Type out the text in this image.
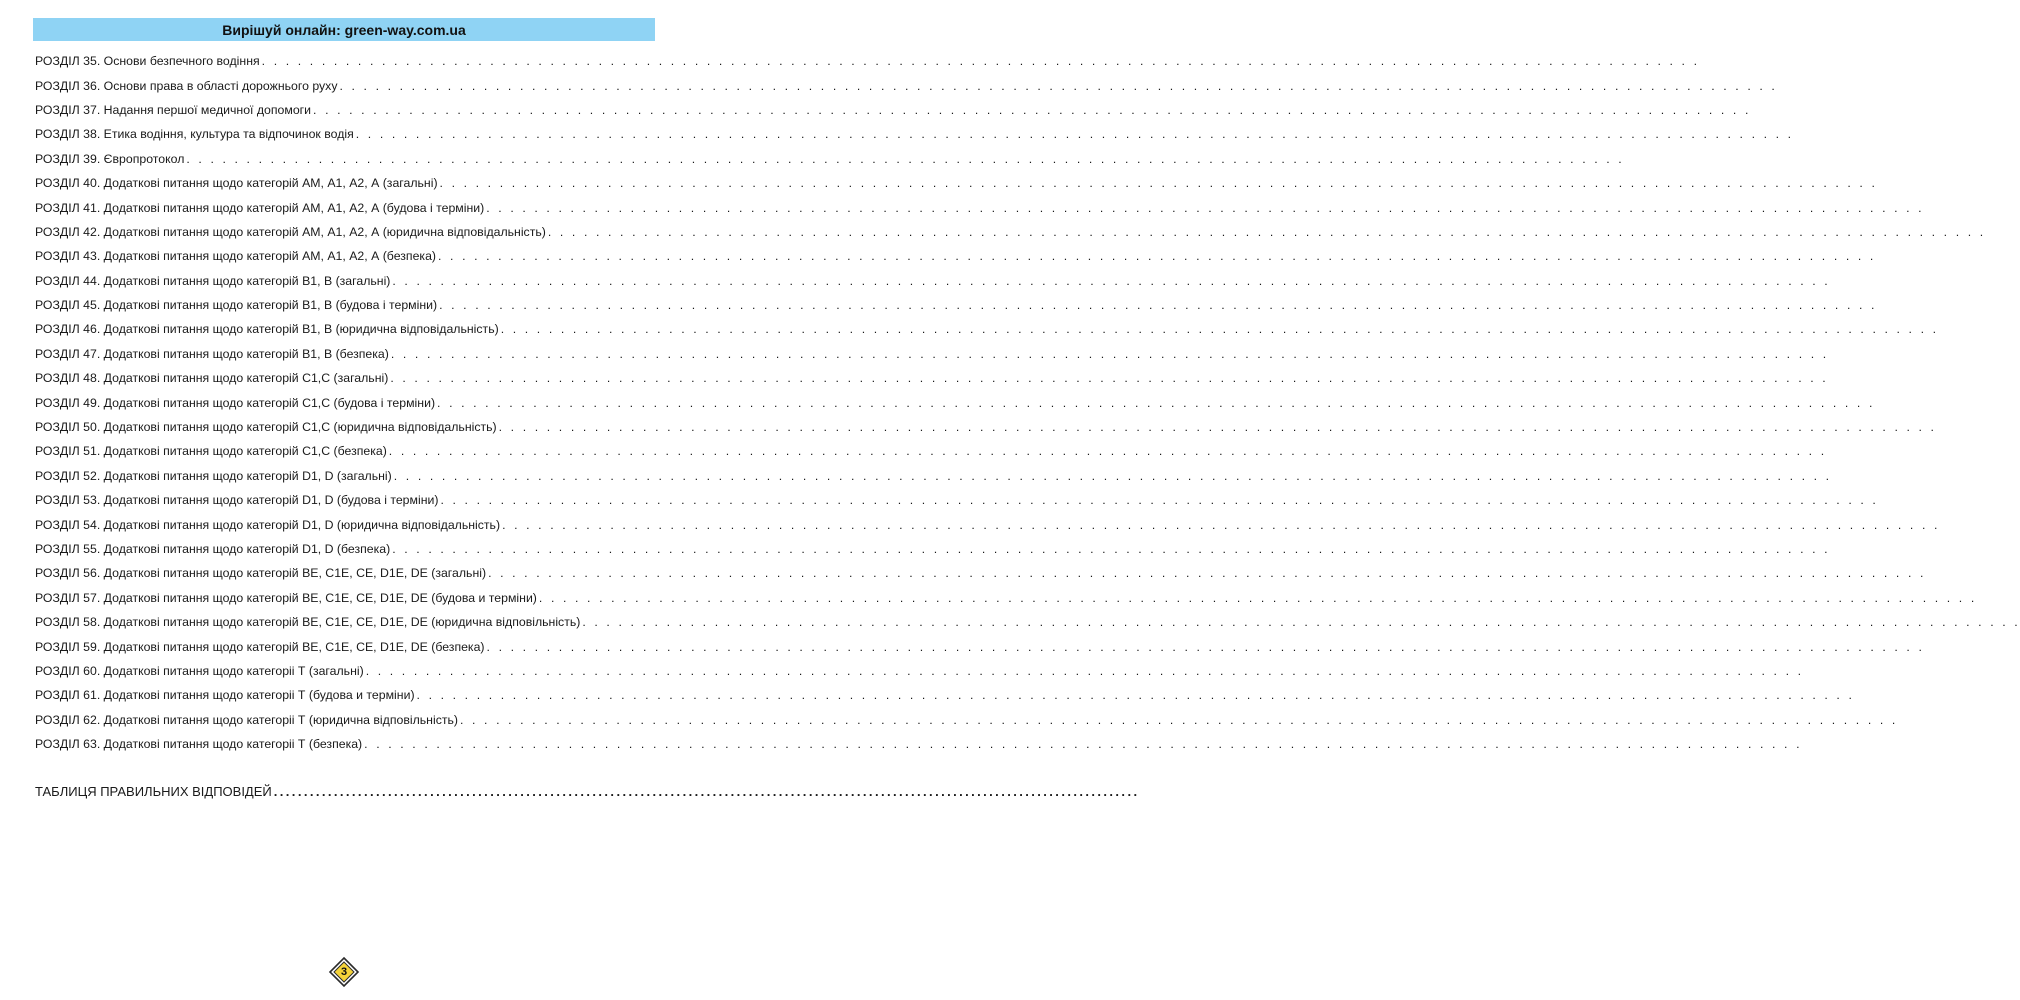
Вирішуй онлайн: green-way.com.ua
РОЗДІЛ 35. Основи безпечного водіння . . . . . . . . . . . . . . . . . . . . . . . . . . . . . . . . . . . . . . . . . . . . . . . . . . . . . . . . . . . . . . . . . . . . . . . . . . . . . . . . . . . . . . . . . . . . . . . . . . . . . . . . . . . . . . . . . . . . . . . .
РОЗДІЛ 36. Основи права в області дорожнього руху . . . . . . . . . . . . . . . . . . . . . . . . . . . . . . . . . . . . . . . . . . . . . . . . . . . . . . . . . . . . . . . . . . . . . . . . . . . . . . . . . . . . . . . . . . . . . . . . . . . . . . . . . . . . . . . . . . . . . . . .
РОЗДІЛ 37. Надання першої медичної допомоги . . . . . . . . . . . . . . . . . . . . . . . . . . . . . . . . . . . . . . . . . . . . . . . . . . . . . . . . . . . . . . . . . . . . . . . . . . . . . . . . . . . . . . . . . . . . . . . . . . . . . . . . . . . . . . . . . . . . . . . .
РОЗДІЛ 38. Етика водіння, культура та відпочинок водія . . . . . . . . . . . . . . . . . . . . . . . . . . . . . . . . . . . . . . . . . . . . . . . . . . . . . . . . . . . . . . . . . . . . . . . . . . . . . . . . . . . . . . . . . . . . . . . . . . . . . . . . . . . . . . . . . . . . . . . .
РОЗДІЛ 39. Європротокол . . . . . . . . . . . . . . . . . . . . . . . . . . . . . . . . . . . . . . . . . . . . . . . . . . . . . . . . . . . . . . . . . . . . . . . . . . . . . . . . . . . . . . . . . . . . . . . . . . . . . . . . . . . . . . . . . . . . . . . .
РОЗДІЛ 40. Додаткові питання щодо категорій АМ, А1, А2, А (загальні) . . . . . . . . . . . . . . . . . . . . . . . . . . . . . . . . . . . . . . . . . . . . . . . . . . . . . . . . . . . . . . . . . . . . . . . . . . . . . . . . . . . . . . . . . . . . . . . . . . . . . . . . . . . . . . . . . . . . . . . .
РОЗДІЛ 41. Додаткові питання щодо категорій АМ, А1, А2, А (будова і терміни) . . . . . . . . . . . . . . . . . . . . . . . . . . . . . . . . . . . . . . . . . . . . . . . . . . . . . . . . . . . . . . . . . . . . . . . . . . . . . . . . . . . . . . . . . . . . . . . . . . . . . . . . . . . . . . . . . . . . . . . .
РОЗДІЛ 42. Додаткові питання щодо категорій АМ, А1, А2, А (юридична відповідальність) . . . . . . . . . . . . . . . . . . . . . . . . . . . . . . . . . . . . . . . . . . . . . . . . . . . . . . . . . . . . . . . . . . . . . . . . . . . . . . . . . . . . . . . . . . . . . . . . . . . . . . . . . . . . . . . . . . . . . . . .
РОЗДІЛ 43. Додаткові питання щодо категорій АМ, А1, А2, А (безпека) . . . . . . . . . . . . . . . . . . . . . . . . . . . . . . . . . . . . . . . . . . . . . . . . . . . . . . . . . . . . . . . . . . . . . . . . . . . . . . . . . . . . . . . . . . . . . . . . . . . . . . . . . . . . . . . . . . . . . . . .
РОЗДІЛ 44. Додаткові питання щодо категорій В1, В (загальні) . . . . . . . . . . . . . . . . . . . . . . . . . . . . . . . . . . . . . . . . . . . . . . . . . . . . . . . . . . . . . . . . . . . . . . . . . . . . . . . . . . . . . . . . . . . . . . . . . . . . . . . . . . . . . . . . . . . . . . . .
РОЗДІЛ 45. Додаткові питання щодо категорій В1, В (будова і терміни) . . . . . . . . . . . . . . . . . . . . . . . . . . . . . . . . . . . . . . . . . . . . . . . . . . . . . . . . . . . . . . . . . . . . . . . . . . . . . . . . . . . . . . . . . . . . . . . . . . . . . . . . . . . . . . . . . . . . . . . .
РОЗДІЛ 46. Додаткові питання щодо категорій В1, В (юридична відповідальність) . . . . . . . . . . . . . . . . . . . . . . . . . . . . . . . . . . . . . . . . . . . . . . . . . . . . . . . . . . . . . . . . . . . . . . . . . . . . . . . . . . . . . . . . . . . . . . . . . . . . . . . . . . . . . . . . . . . . . . . .
РОЗДІЛ 47. Додаткові питання щодо категорій В1, В (безпека) . . . . . . . . . . . . . . . . . . . . . . . . . . . . . . . . . . . . . . . . . . . . . . . . . . . . . . . . . . . . . . . . . . . . . . . . . . . . . . . . . . . . . . . . . . . . . . . . . . . . . . . . . . . . . . . . . . . . . . . .
РОЗДІЛ 48. Додаткові питання щодо категорій С1,С (загальні) . . . . . . . . . . . . . . . . . . . . . . . . . . . . . . . . . . . . . . . . . . . . . . . . . . . . . . . . . . . . . . . . . . . . . . . . . . . . . . . . . . . . . . . . . . . . . . . . . . . . . . . . . . . . . . . . . . . . . . . .
РОЗДІЛ 49. Додаткові питання щодо категорій С1,С (будова і терміни) . . . . . . . . . . . . . . . . . . . . . . . . . . . . . . . . . . . . . . . . . . . . . . . . . . . . . . . . . . . . . . . . . . . . . . . . . . . . . . . . . . . . . . . . . . . . . . . . . . . . . . . . . . . . . . . . . . . . . . . .
РОЗДІЛ 50. Додаткові питання щодо категорій С1,С (юридична відповідальність) . . . . . . . . . . . . . . . . . . . . . . . . . . . . . . . . . . . . . . . . . . . . . . . . . . . . . . . . . . . . . . . . . . . . . . . . . . . . . . . . . . . . . . . . . . . . . . . . . . . . . . . . . . . . . . . . . . . . . . . .
РОЗДІЛ 51. Додаткові питання щодо категорій С1,С (безпека) . . . . . . . . . . . . . . . . . . . . . . . . . . . . . . . . . . . . . . . . . . . . . . . . . . . . . . . . . . . . . . . . . . . . . . . . . . . . . . . . . . . . . . . . . . . . . . . . . . . . . . . . . . . . . . . . . . . . . . . .
РОЗДІЛ 52. Додаткові питання щодо категорій D1, D (загальні) . . . . . . . . . . . . . . . . . . . . . . . . . . . . . . . . . . . . . . . . . . . . . . . . . . . . . . . . . . . . . . . . . . . . . . . . . . . . . . . . . . . . . . . . . . . . . . . . . . . . . . . . . . . . . . . . . . . . . . . .
РОЗДІЛ 53. Додаткові питання щодо категорій D1, D (будова і терміни) . . . . . . . . . . . . . . . . . . . . . . . . . . . . . . . . . . . . . . . . . . . . . . . . . . . . . . . . . . . . . . . . . . . . . . . . . . . . . . . . . . . . . . . . . . . . . . . . . . . . . . . . . . . . . . . . . . . . . . . .
РОЗДІЛ 54. Додаткові питання щодо категорій D1, D (юридична відповідальність) . . . . . . . . . . . . . . . . . . . . . . . . . . . . . . . . . . . . . . . . . . . . . . . . . . . . . . . . . . . . . . . . . . . . . . . . . . . . . . . . . . . . . . . . . . . . . . . . . . . . . . . . . . . . . . . . . . . . . . . .
РОЗДІЛ 55. Додаткові питання щодо категорій D1, D (безпека) . . . . . . . . . . . . . . . . . . . . . . . . . . . . . . . . . . . . . . . . . . . . . . . . . . . . . . . . . . . . . . . . . . . . . . . . . . . . . . . . . . . . . . . . . . . . . . . . . . . . . . . . . . . . . . . . . . . . . . . .
РОЗДІЛ 56. Додаткові питання щодо категорій ВЕ, С1Е, СЕ, D1Е, DЕ (загальні) . . . . . . . . . . . . . . . . . . . . . . . . . . . . . . . . . . . . . . . . . . . . . . . . . . . . . . . . . . . . . . . . . . . . . . . . . . . . . . . . . . . . . . . . . . . . . . . . . . . . . . . . . . . . . . . . . . . . . . . .
РОЗДІЛ 57. Додаткові питання щодо категорій ВЕ, С1Е, СЕ, D1Е, DЕ (будова и терміни) . . . . . . . . . . . . . . . . . . . . . . . . . . . . . . . . . . . . . . . . . . . . . . . . . . . . . . . . . . . . . . . . . . . . . . . . . . . . . . . . . . . . . . . . . . . . . . . . . . . . . . . . . . . . . . . . . . . . . . . .
РОЗДІЛ 58. Додаткові питання щодо категорій ВЕ, С1Е, СЕ, D1Е, DЕ (юридична відповільність) . . . . . . . . . . . . . . . . . . . . . . . . . . . . . . . . . . . . . . . . . . . . . . . . . . . . . . . . . . . . . . . . . . . . . . . . . . . . . . . . . . . . . . . . . . . . . . . . . . . . . . . . . . . . . . . . . . . . . . . .
РОЗДІЛ 59. Додаткові питання щодо категорій ВЕ, С1Е, СЕ, D1Е, DЕ (безпека) . . . . . . . . . . . . . . . . . . . . . . . . . . . . . . . . . . . . . . . . . . . . . . . . . . . . . . . . . . . . . . . . . . . . . . . . . . . . . . . . . . . . . . . . . . . . . . . . . . . . . . . . . . . . . . . . . . . . . . . .
РОЗДІЛ 60. Додаткові питання щодо категоріі Т (загальні) . . . . . . . . . . . . . . . . . . . . . . . . . . . . . . . . . . . . . . . . . . . . . . . . . . . . . . . . . . . . . . . . . . . . . . . . . . . . . . . . . . . . . . . . . . . . . . . . . . . . . . . . . . . . . . . . . . . . . . . .
РОЗДІЛ 61. Додаткові питання щодо категоріі Т (будова и терміни) . . . . . . . . . . . . . . . . . . . . . . . . . . . . . . . . . . . . . . . . . . . . . . . . . . . . . . . . . . . . . . . . . . . . . . . . . . . . . . . . . . . . . . . . . . . . . . . . . . . . . . . . . . . . . . . . . . . . . . . .
РОЗДІЛ 62. Додаткові питання щодо категоріі Т (юридична відповільність) . . . . . . . . . . . . . . . . . . . . . . . . . . . . . . . . . . . . . . . . . . . . . . . . . . . . . . . . . . . . . . . . . . . . . . . . . . . . . . . . . . . . . . . . . . . . . . . . . . . . . . . . . . . . . . . . . . . . . . . .
РОЗДІЛ 63. Додаткові питання щодо категоріі Т (безпека) . . . . . . . . . . . . . . . . . . . . . . . . . . . . . . . . . . . . . . . . . . . . . . . . . . . . . . . . . . . . . . . . . . . . . . . . . . . . . . . . . . . . . . . . . . . . . . . . . . . . . . . . . . . . . . . . . . . . . . . .
ТАБЛИЦЯ ПРАВИЛЬНИХ ВІДПОВІДЕЙ ................................................................................................................................................
3
